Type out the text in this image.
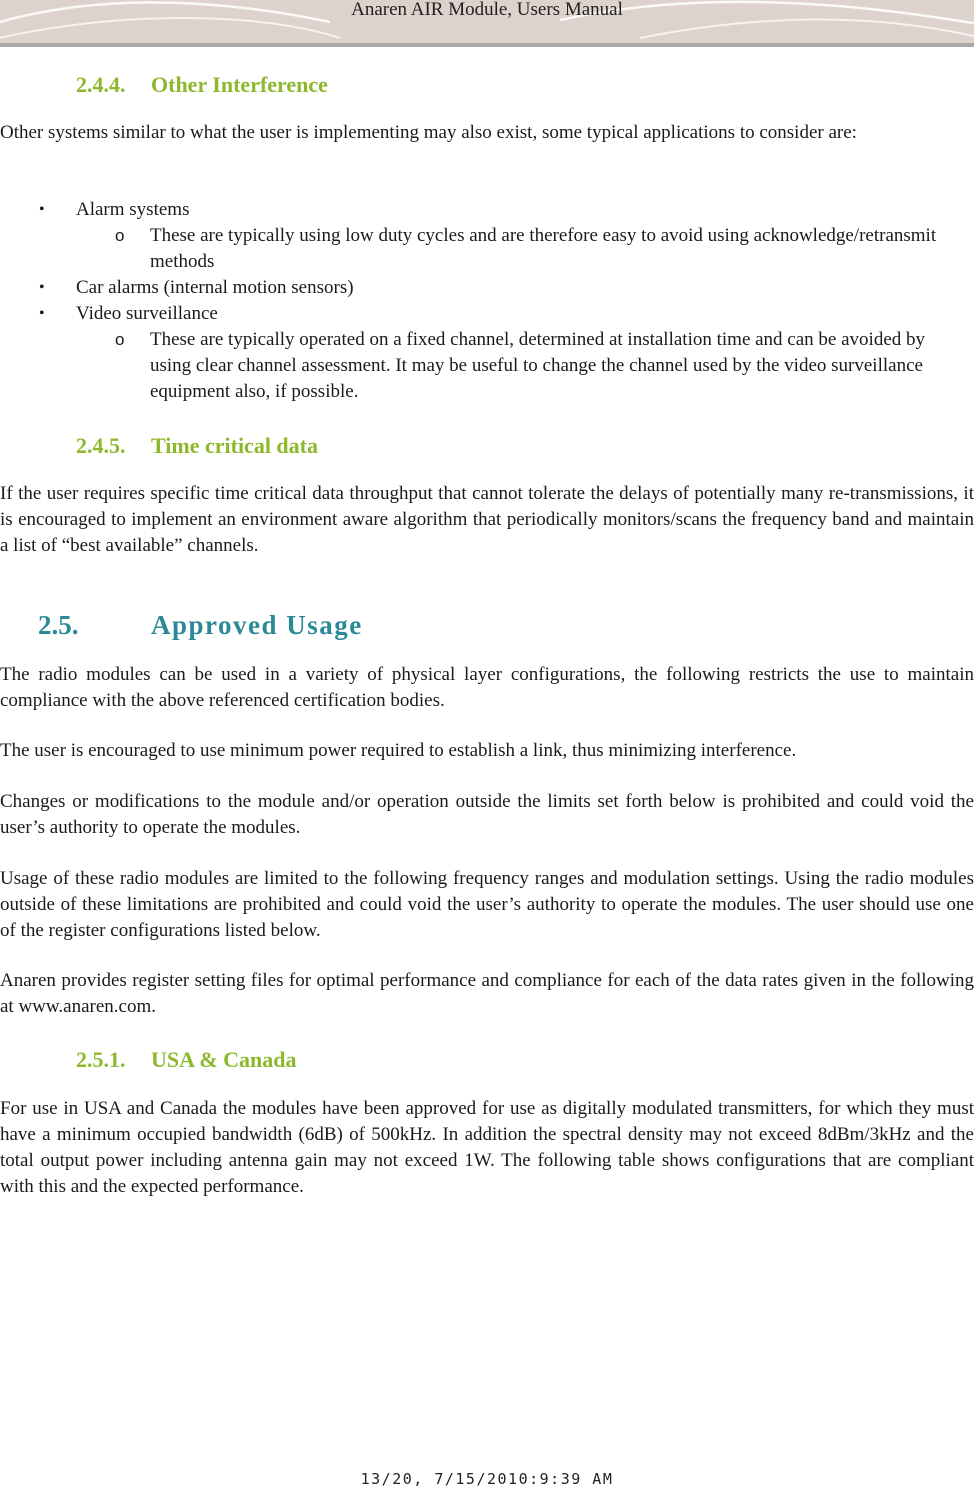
Anaren AIR Module, Users Manual
2.4.4. Other Interference

Other systems similar to what the user is implementing may also exist, some typical applications to consider are:

• Alarm systems
o These are typically using low duty cycles and are therefore easy to avoid using acknowledge/retransmit methods
• Car alarms (internal motion sensors)
• Video surveillance
o These are typically operated on a fixed channel, determined at installation time and can be avoided by using clear channel assessment. It may be useful to change the channel used by the video surveillance equipment also, if possible.
2.4.5. Time critical data

If the user requires specific time critical data throughput that cannot tolerate the delays of potentially many re-transmissions, it is encouraged to implement an environment aware algorithm that periodically monitors/scans the frequency band and maintain a list of “best available” channels.

2.5.	Approved Usage

The radio modules can be used in a variety of physical layer configurations, the following restricts the use to maintain compliance with the above referenced certification bodies.

The user is encouraged to use minimum power required to establish a link, thus minimizing interference.

Changes or modifications to the module and/or operation outside the limits set forth below is prohibited and could void the user’s authority to operate the modules.

Usage of these radio modules are limited to the following frequency ranges and modulation settings. Using the radio modules outside of these limitations are prohibited and could void the user’s authority to operate the modules. The user should use one of the register configurations listed below.

Anaren provides register setting files for optimal performance and compliance for each of the data rates given in the following at www.anaren.com.

2.5.1. USA & Canada

For use in USA and Canada the modules have been approved for use as digitally modulated transmitters, for which they must have a minimum occupied bandwidth (6dB) of 500kHz. In addition the spectral density may not exceed 8dBm/3kHz and the total output power including antenna gain may not exceed 1W. The following table shows configurations that are compliant with this and the expected performance.

13/20, 7/15/2010:9:39 AM
